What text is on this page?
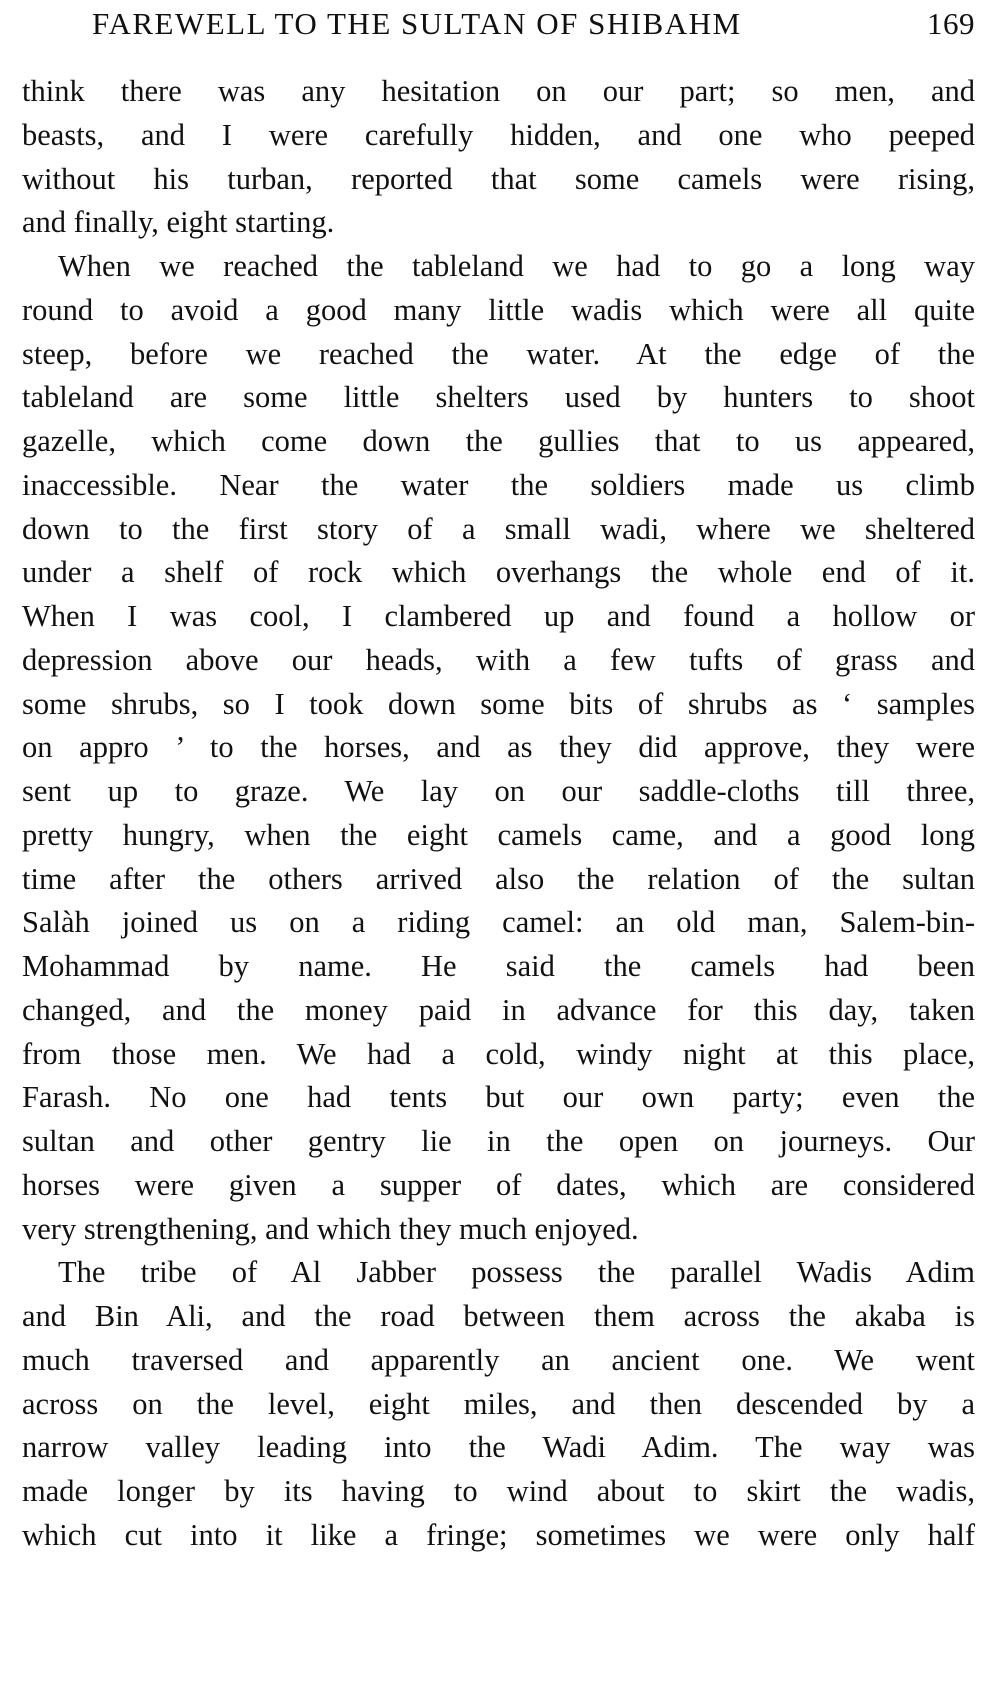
FAREWELL TO THE SULTAN OF SHIBAHM	169
think there was any hesitation on our part; so men, and
beasts, and I were carefully hidden, and one who peeped
without his turban, reported that some camels were rising,
and finally, eight starting.
When we reached the tableland we had to go a long way
round to avoid a good many little wadis which were all quite
steep, before we reached the water. At the edge of the
tableland are some little shelters used by hunters to shoot
gazelle, which come down the gullies that to us appeared,
inaccessible. Near the water the soldiers made us climb
down to the first story of a small wadi, where we sheltered
under a shelf of rock which overhangs the whole end of it.
When I was cool, I clambered up and found a hollow or
depression above our heads, with a few tufts of grass and
some shrubs, so I took down some bits of shrubs as ‘ samples
on appro ’ to the horses, and as they did approve, they were
sent up to graze. We lay on our saddle-cloths till three,
pretty hungry, when the eight camels came, and a good long
time after the others arrived also the relation of the sultan
Salàh joined us on a riding camel: an old man, Salem-bin-
Mohammad by name. He said the camels had been
changed, and the money paid in advance for this day, taken
from those men. We had a cold, windy night at this place,
Farash. No one had tents but our own party; even the
sultan and other gentry lie in the open on journeys. Our
horses were given a supper of dates, which are considered
very strengthening, and which they much enjoyed.
The tribe of Al Jabber possess the parallel Wadis Adim
and Bin Ali, and the road between them across the akaba is
much traversed and apparently an ancient one. We went
across on the level, eight miles, and then descended by a
narrow valley leading into the Wadi Adim. The way was
made longer by its having to wind about to skirt the wadis,
which cut into it like a fringe; sometimes we were only half
